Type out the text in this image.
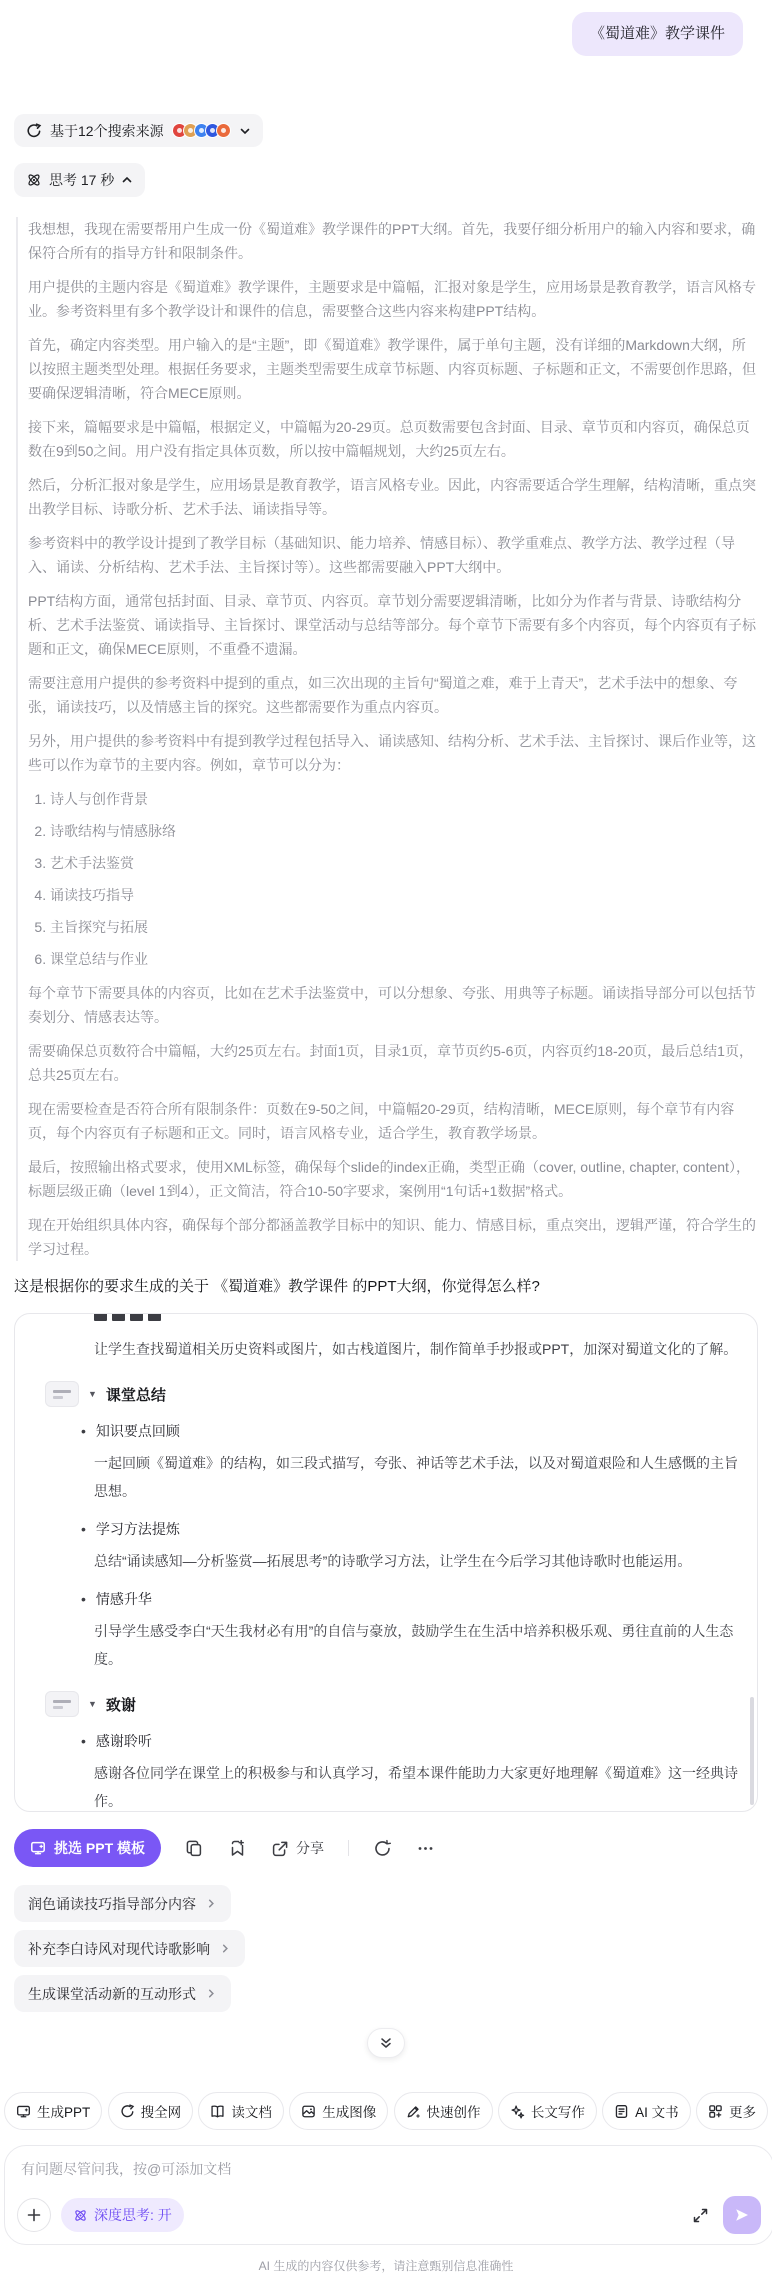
《蜀道难》教学课件
基于12个搜索来源
思考 17 秒

我想想，我现在需要帮用户生成一份《蜀道难》教学课件的PPT大纲。首先，我要仔细分析用户的输入内容和要求，确保符合所有的指导方针和限制条件。

用户提供的主题内容是《蜀道难》教学课件，主题要求是中篇幅，汇报对象是学生，应用场景是教育教学，语言风格专业。参考资料里有多个教学设计和课件的信息，需要整合这些内容来构建PPT结构。

首先，确定内容类型。用户输入的是“主题”，即《蜀道难》教学课件，属于单句主题，没有详细的Markdown大纲，所以按照主题类型处理。根据任务要求，主题类型需要生成章节标题、内容页标题、子标题和正文，不需要创作思路，但要确保逻辑清晰，符合MECE原则。

接下来，篇幅要求是中篇幅，根据定义，中篇幅为20-29页。总页数需要包含封面、目录、章节页和内容页，确保总页数在9到50之间。用户没有指定具体页数，所以按中篇幅规划，大约25页左右。

然后，分析汇报对象是学生，应用场景是教育教学，语言风格专业。因此，内容需要适合学生理解，结构清晰，重点突出教学目标、诗歌分析、艺术手法、诵读指导等。

参考资料中的教学设计提到了教学目标（基础知识、能力培养、情感目标）、教学重难点、教学方法、教学过程（导入、诵读、分析结构、艺术手法、主旨探讨等）。这些都需要融入PPT大纲中。

PPT结构方面，通常包括封面、目录、章节页、内容页。章节划分需要逻辑清晰，比如分为作者与背景、诗歌结构分析、艺术手法鉴赏、诵读指导、主旨探讨、课堂活动与总结等部分。每个章节下需要有多个内容页，每个内容页有子标题和正文，确保MECE原则，不重叠不遗漏。

需要注意用户提供的参考资料中提到的重点，如三次出现的主旨句“蜀道之难，难于上青天”，艺术手法中的想象、夸张，诵读技巧，以及情感主旨的探究。这些都需要作为重点内容页。

另外，用户提供的参考资料中有提到教学过程包括导入、诵读感知、结构分析、艺术手法、主旨探讨、课后作业等，这些可以作为章节的主要内容。例如，章节可以分为：

1. 诗人与创作背景
2. 诗歌结构与情感脉络
3. 艺术手法鉴赏
4. 诵读技巧指导
5. 主旨探究与拓展
6. 课堂总结与作业

每个章节下需要具体的内容页，比如在艺术手法鉴赏中，可以分想象、夸张、用典等子标题。诵读指导部分可以包括节奏划分、情感表达等。

需要确保总页数符合中篇幅，大约25页左右。封面1页，目录1页，章节页约5-6页，内容页约18-20页，最后总结1页，总共25页左右。

现在需要检查是否符合所有限制条件：页数在9-50之间，中篇幅20-29页，结构清晰，MECE原则，每个章节有内容页，每个内容页有子标题和正文。同时，语言风格专业，适合学生，教育教学场景。

最后，按照输出格式要求，使用XML标签，确保每个slide的index正确，类型正确（cover, outline, chapter, content），标题层级正确（level 1到4），正文简洁，符合10-50字要求，案例用“1句话+1数据”格式。

现在开始组织具体内容，确保每个部分都涵盖教学目标中的知识、能力、情感目标，重点突出，逻辑严谨，符合学生的学习过程。

这是根据你的要求生成的关于 《蜀道难》教学课件 的PPT大纲，你觉得怎么样?

让学生查找蜀道相关历史资料或图片，如古栈道图片，制作简单手抄报或PPT，加深对蜀道文化的了解。

▼ 课堂总结
• 知识要点回顾

一起回顾《蜀道难》的结构，如三段式描写，夸张、神话等艺术手法，以及对蜀道艰险和人生感慨的主旨思想。

• 学习方法提炼

总结“诵读感知—分析鉴赏—拓展思考”的诗歌学习方法，让学生在今后学习其他诗歌时也能运用。

• 情感升华

引导学生感受李白“天生我材必有用”的自信与豪放，鼓励学生在生活中培养积极乐观、勇往直前的人生态度。

▼ 致谢
• 感谢聆听

感谢各位同学在课堂上的积极参与和认真学习，希望本课件能助力大家更好地理解《蜀道难》这一经典诗作。

挑选 PPT 模板	分享
润色诵读技巧指导部分内容
补充李白诗风对现代诗歌影响
生成课堂活动新的互动形式
生成PPT	搜全网	读文档	生成图像	快速创作	长文写作	AI 文书	更多
有问题尽管问我，按@可添加文档
深度思考: 开
AI 生成的内容仅供参考，请注意甄别信息准确性
